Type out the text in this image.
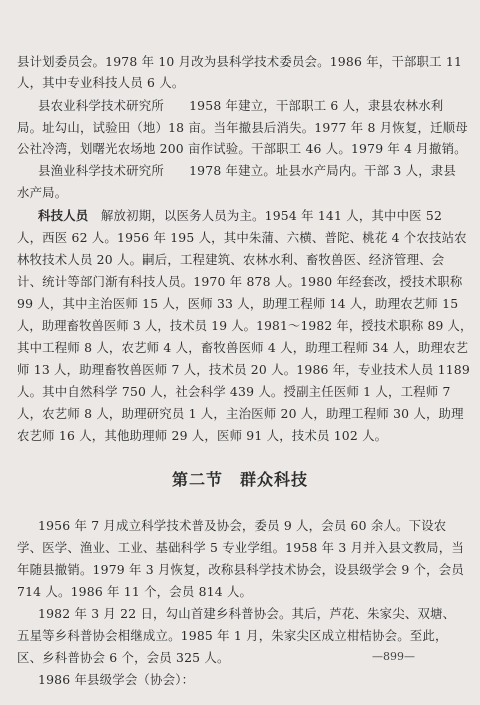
县计划委员会。1978 年 10 月改为县科学技术委员会。1986 年，干部职工 11
人，其中专业科技人员 6 人。
县农业科学技术研究所　　1958 年建立，干部职工 6 人，隶县农林水利
局。址勾山，试验田（地）18 亩。当年撤县后消失。1977 年 8 月恢复，迁顺母
公社冷湾，划曙光农场地 200 亩作试验。干部职工 46 人。1979 年 4 月撤销。
县渔业科学技术研究所　　1978 年建立。址县水产局内。干部 3 人，隶县
水产局。
科技人员　解放初期，以医务人员为主。1954 年 141 人，其中中医 52
人，西医 62 人。1956 年 195 人，其中朱蒲、六横、普陀、桃花 4 个农技站农
林牧技术人员 20 人。嗣后，工程建筑、农林水利、畜牧兽医、经济管理、会
计、统计等部门渐有科技人员。1970 年 878 人。1980 年经套改，授技术职称
99 人，其中主治医师 15 人，医师 33 人，助理工程师 14 人，助理农艺师 15
人，助理畜牧兽医师 3 人，技术员 19 人。1981～1982 年，授技术职称 89 人，
其中工程师 8 人，农艺师 4 人，畜牧兽医师 4 人，助理工程师 34 人，助理农艺
师 13 人，助理畜牧兽医师 7 人，技术员 20 人。1986 年，专业技术人员 1189
人。其中自然科学 750 人，社会科学 439 人。授副主任医师 1 人，工程师 7
人，农艺师 8 人，助理研究员 1 人，主治医师 20 人，助理工程师 30 人，助理
农艺师 16 人，其他助理师 29 人，医师 91 人，技术员 102 人。
第二节　群众科技
1956 年 7 月成立科学技术普及协会，委员 9 人，会员 60 余人。下设农
学、医学、渔业、工业、基础科学 5 专业学组。1958 年 3 月并入县文教局，当
年随县撤销。1979 年 3 月恢复，改称县科学技术协会，设县级学会 9 个，会员
714 人。1986 年 11 个，会员 814 人。
1982 年 3 月 22 日，勾山首建乡科普协会。其后，芦花、朱家尖、双塘、
五星等乡科普协会相继成立。1985 年 1 月，朱家尖区成立柑桔协会。至此，
区、乡科普协会 6 个，会员 325 人。
1986 年县级学会（协会）：
—899—
